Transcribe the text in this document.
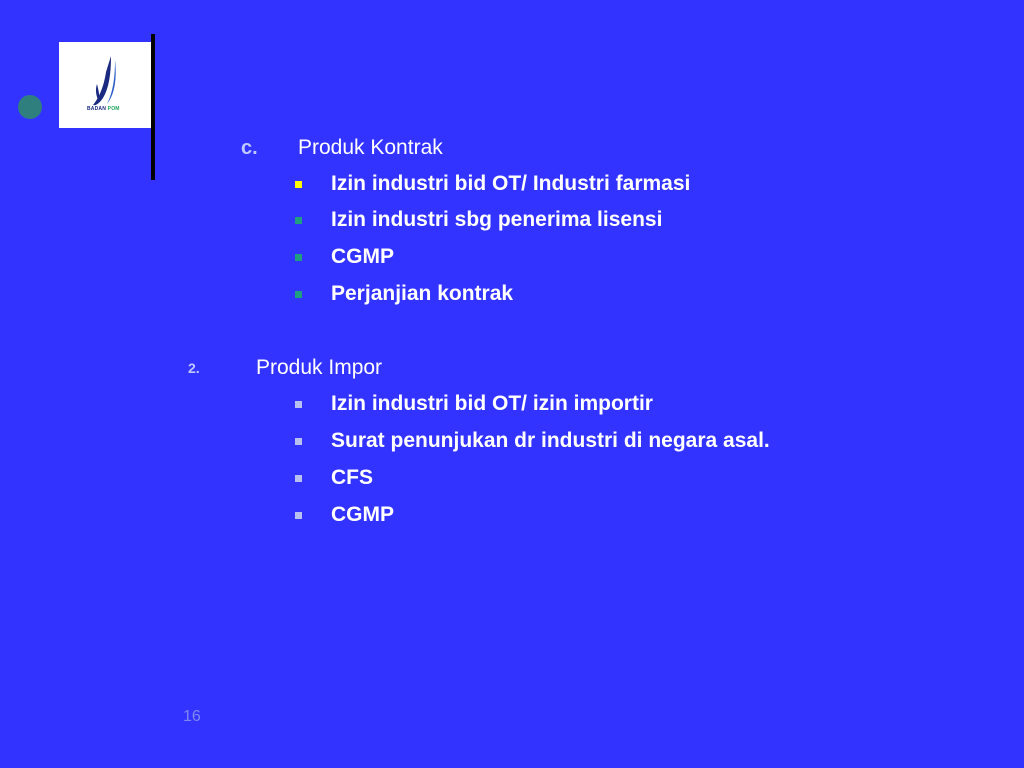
BADAN POM
c. Produk Kontrak
Izin industri bid OT/ Industri farmasi
Izin industri sbg penerima lisensi
CGMP
Perjanjian kontrak
2.	Produk Impor
Izin industri bid OT/ izin importir
Surat penunjukan dr industri di negara asal.
CFS
CGMP
16
